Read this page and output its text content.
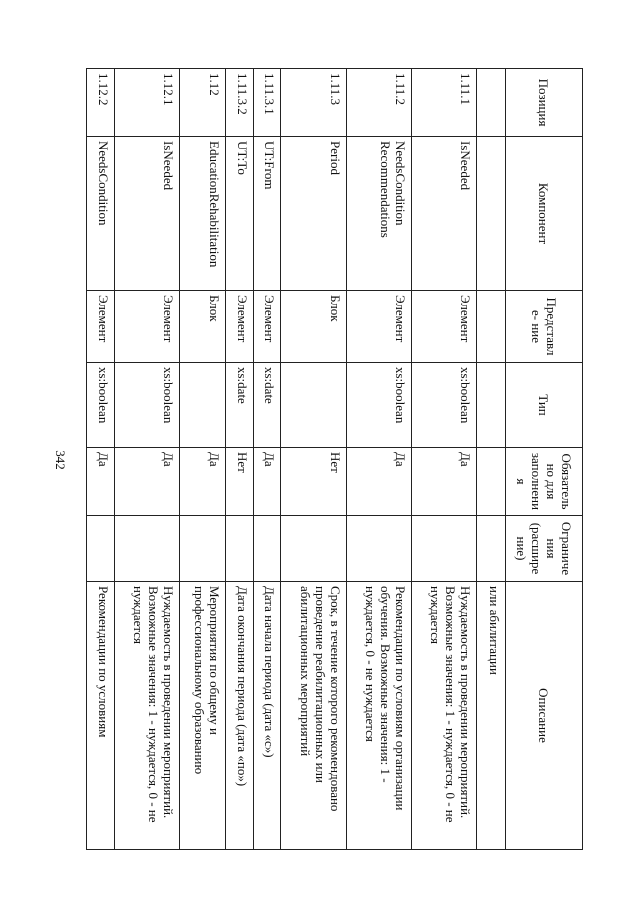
342
Позиция	Компонент	Представле- ние	Тип	Обязательно для заполнения	Ограничения (расширение)	Описание
						или абилитации
1.11.1	IsNeeded	Элемент	xs:boolean	Да		Нуждаемость в проведении мероприятий. Возможные значения: 1 - нуждается, 0 - не нуждается
1.11.2	NeedsCondition Recommendations	Элемент	xs:boolean	Да		Рекомендации по условиям организации обучения. Возможные значения: 1 - нуждается, 0 - не нуждается
1.11.3	Period	Блок		Нет		Срок, в течение которого рекомендовано проведение реабилитационных или абилитационных мероприятий
1.11.3.1	UT:From	Элемент	xs:date	Да		Дата начала периода (дата «с»)
1.11.3.2	UT:To	Элемент	xs:date	Нет		Дата окончания периода (дата «по»)
1.12	EducationRehabilitation	Блок		Да		Мероприятия по общему и профессиональному образованию
1.12.1	IsNeeded	Элемент	xs:boolean	Да		Нуждаемость в проведении мероприятий. Возможные значения: 1 - нуждается, 0 - не нуждается
1.12.2	NeedsCondition	Элемент	xs:boolean	Да		Рекомендации по условиям
